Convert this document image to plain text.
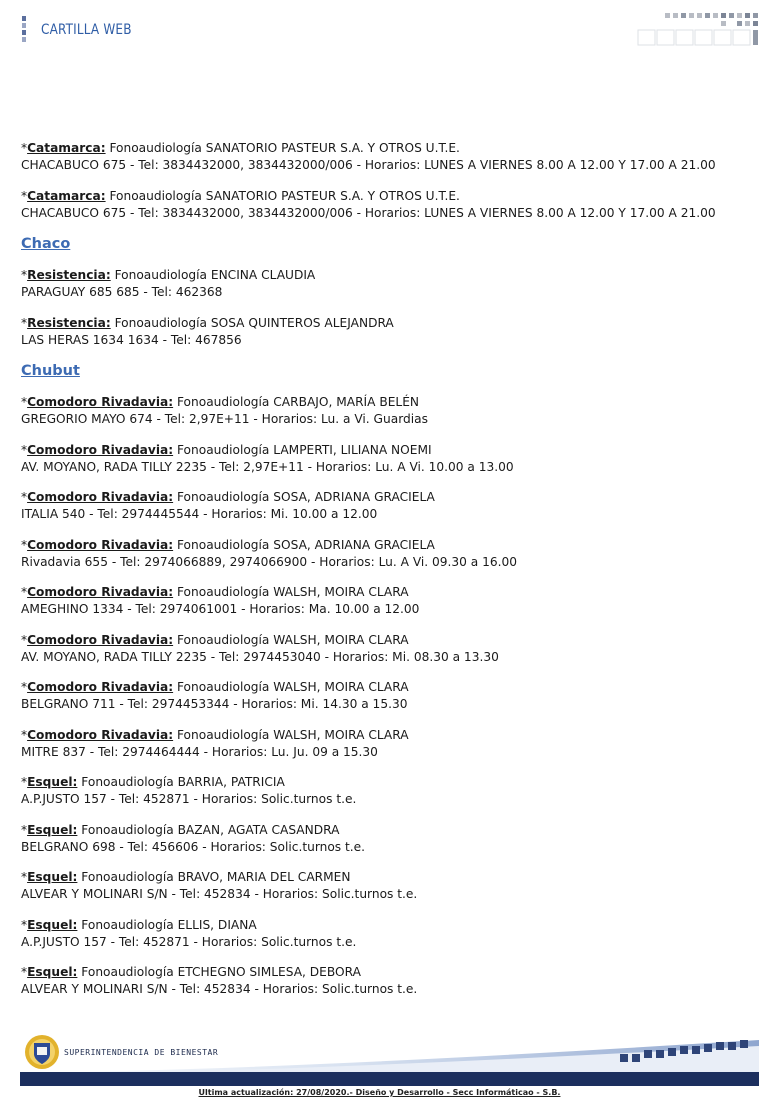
CARTILLA WEB
*Catamarca: Fonoaudiología SANATORIO PASTEUR S.A. Y OTROS U.T.E.
CHACABUCO 675 - Tel: 3834432000, 3834432000/006 - Horarios: LUNES A VIERNES 8.00 A 12.00 Y 17.00 A 21.00
*Catamarca: Fonoaudiología SANATORIO PASTEUR S.A. Y OTROS U.T.E.
CHACABUCO 675 - Tel: 3834432000, 3834432000/006 - Horarios: LUNES A VIERNES 8.00 A 12.00 Y 17.00 A 21.00
Chaco
*Resistencia: Fonoaudiología ENCINA CLAUDIA
PARAGUAY 685 685 - Tel: 462368
*Resistencia: Fonoaudiología SOSA QUINTEROS ALEJANDRA
LAS HERAS 1634 1634 - Tel: 467856
Chubut
*Comodoro Rivadavia: Fonoaudiología CARBAJO, MARÍA BELÉN
GREGORIO MAYO 674 - Tel: 2,97E+11 - Horarios: Lu. a Vi. Guardias
*Comodoro Rivadavia: Fonoaudiología LAMPERTI, LILIANA NOEMI
AV. MOYANO, RADA TILLY 2235 - Tel: 2,97E+11 - Horarios: Lu. A Vi. 10.00 a 13.00
*Comodoro Rivadavia: Fonoaudiología SOSA, ADRIANA GRACIELA
ITALIA 540 - Tel: 2974445544 - Horarios: Mi. 10.00 a 12.00
*Comodoro Rivadavia: Fonoaudiología SOSA, ADRIANA GRACIELA
Rivadavia 655 - Tel: 2974066889, 2974066900 - Horarios: Lu. A Vi. 09.30 a 16.00
*Comodoro Rivadavia: Fonoaudiología WALSH, MOIRA CLARA
AMEGHINO 1334 - Tel: 2974061001 - Horarios: Ma. 10.00 a 12.00
*Comodoro Rivadavia: Fonoaudiología WALSH, MOIRA CLARA
AV. MOYANO, RADA TILLY 2235 - Tel: 2974453040 - Horarios: Mi. 08.30 a 13.30
*Comodoro Rivadavia: Fonoaudiología WALSH, MOIRA CLARA
BELGRANO 711 - Tel: 2974453344 - Horarios: Mi. 14.30 a 15.30
*Comodoro Rivadavia: Fonoaudiología WALSH, MOIRA CLARA
MITRE 837 - Tel: 2974464444 - Horarios: Lu. Ju. 09 a 15.30
*Esquel: Fonoaudiología BARRIA, PATRICIA
A.P.JUSTO 157 - Tel: 452871 - Horarios: Solic.turnos t.e.
*Esquel: Fonoaudiología BAZAN, AGATA CASANDRA
BELGRANO 698 - Tel: 456606 - Horarios: Solic.turnos t.e.
*Esquel: Fonoaudiología BRAVO, MARIA DEL CARMEN
ALVEAR Y MOLINARI S/N - Tel: 452834 - Horarios: Solic.turnos t.e.
*Esquel: Fonoaudiología ELLIS, DIANA
A.P.JUSTO 157 - Tel: 452871 - Horarios: Solic.turnos t.e.
*Esquel: Fonoaudiología ETCHEGNO SIMLESA, DEBORA
ALVEAR Y MOLINARI S/N - Tel: 452834 - Horarios: Solic.turnos t.e.
SUPERINTENDENCIA DE BIENESTAR
Ultima actualización: 27/08/2020.- Diseño y Desarrollo - Secc Informáticao - S.B.
